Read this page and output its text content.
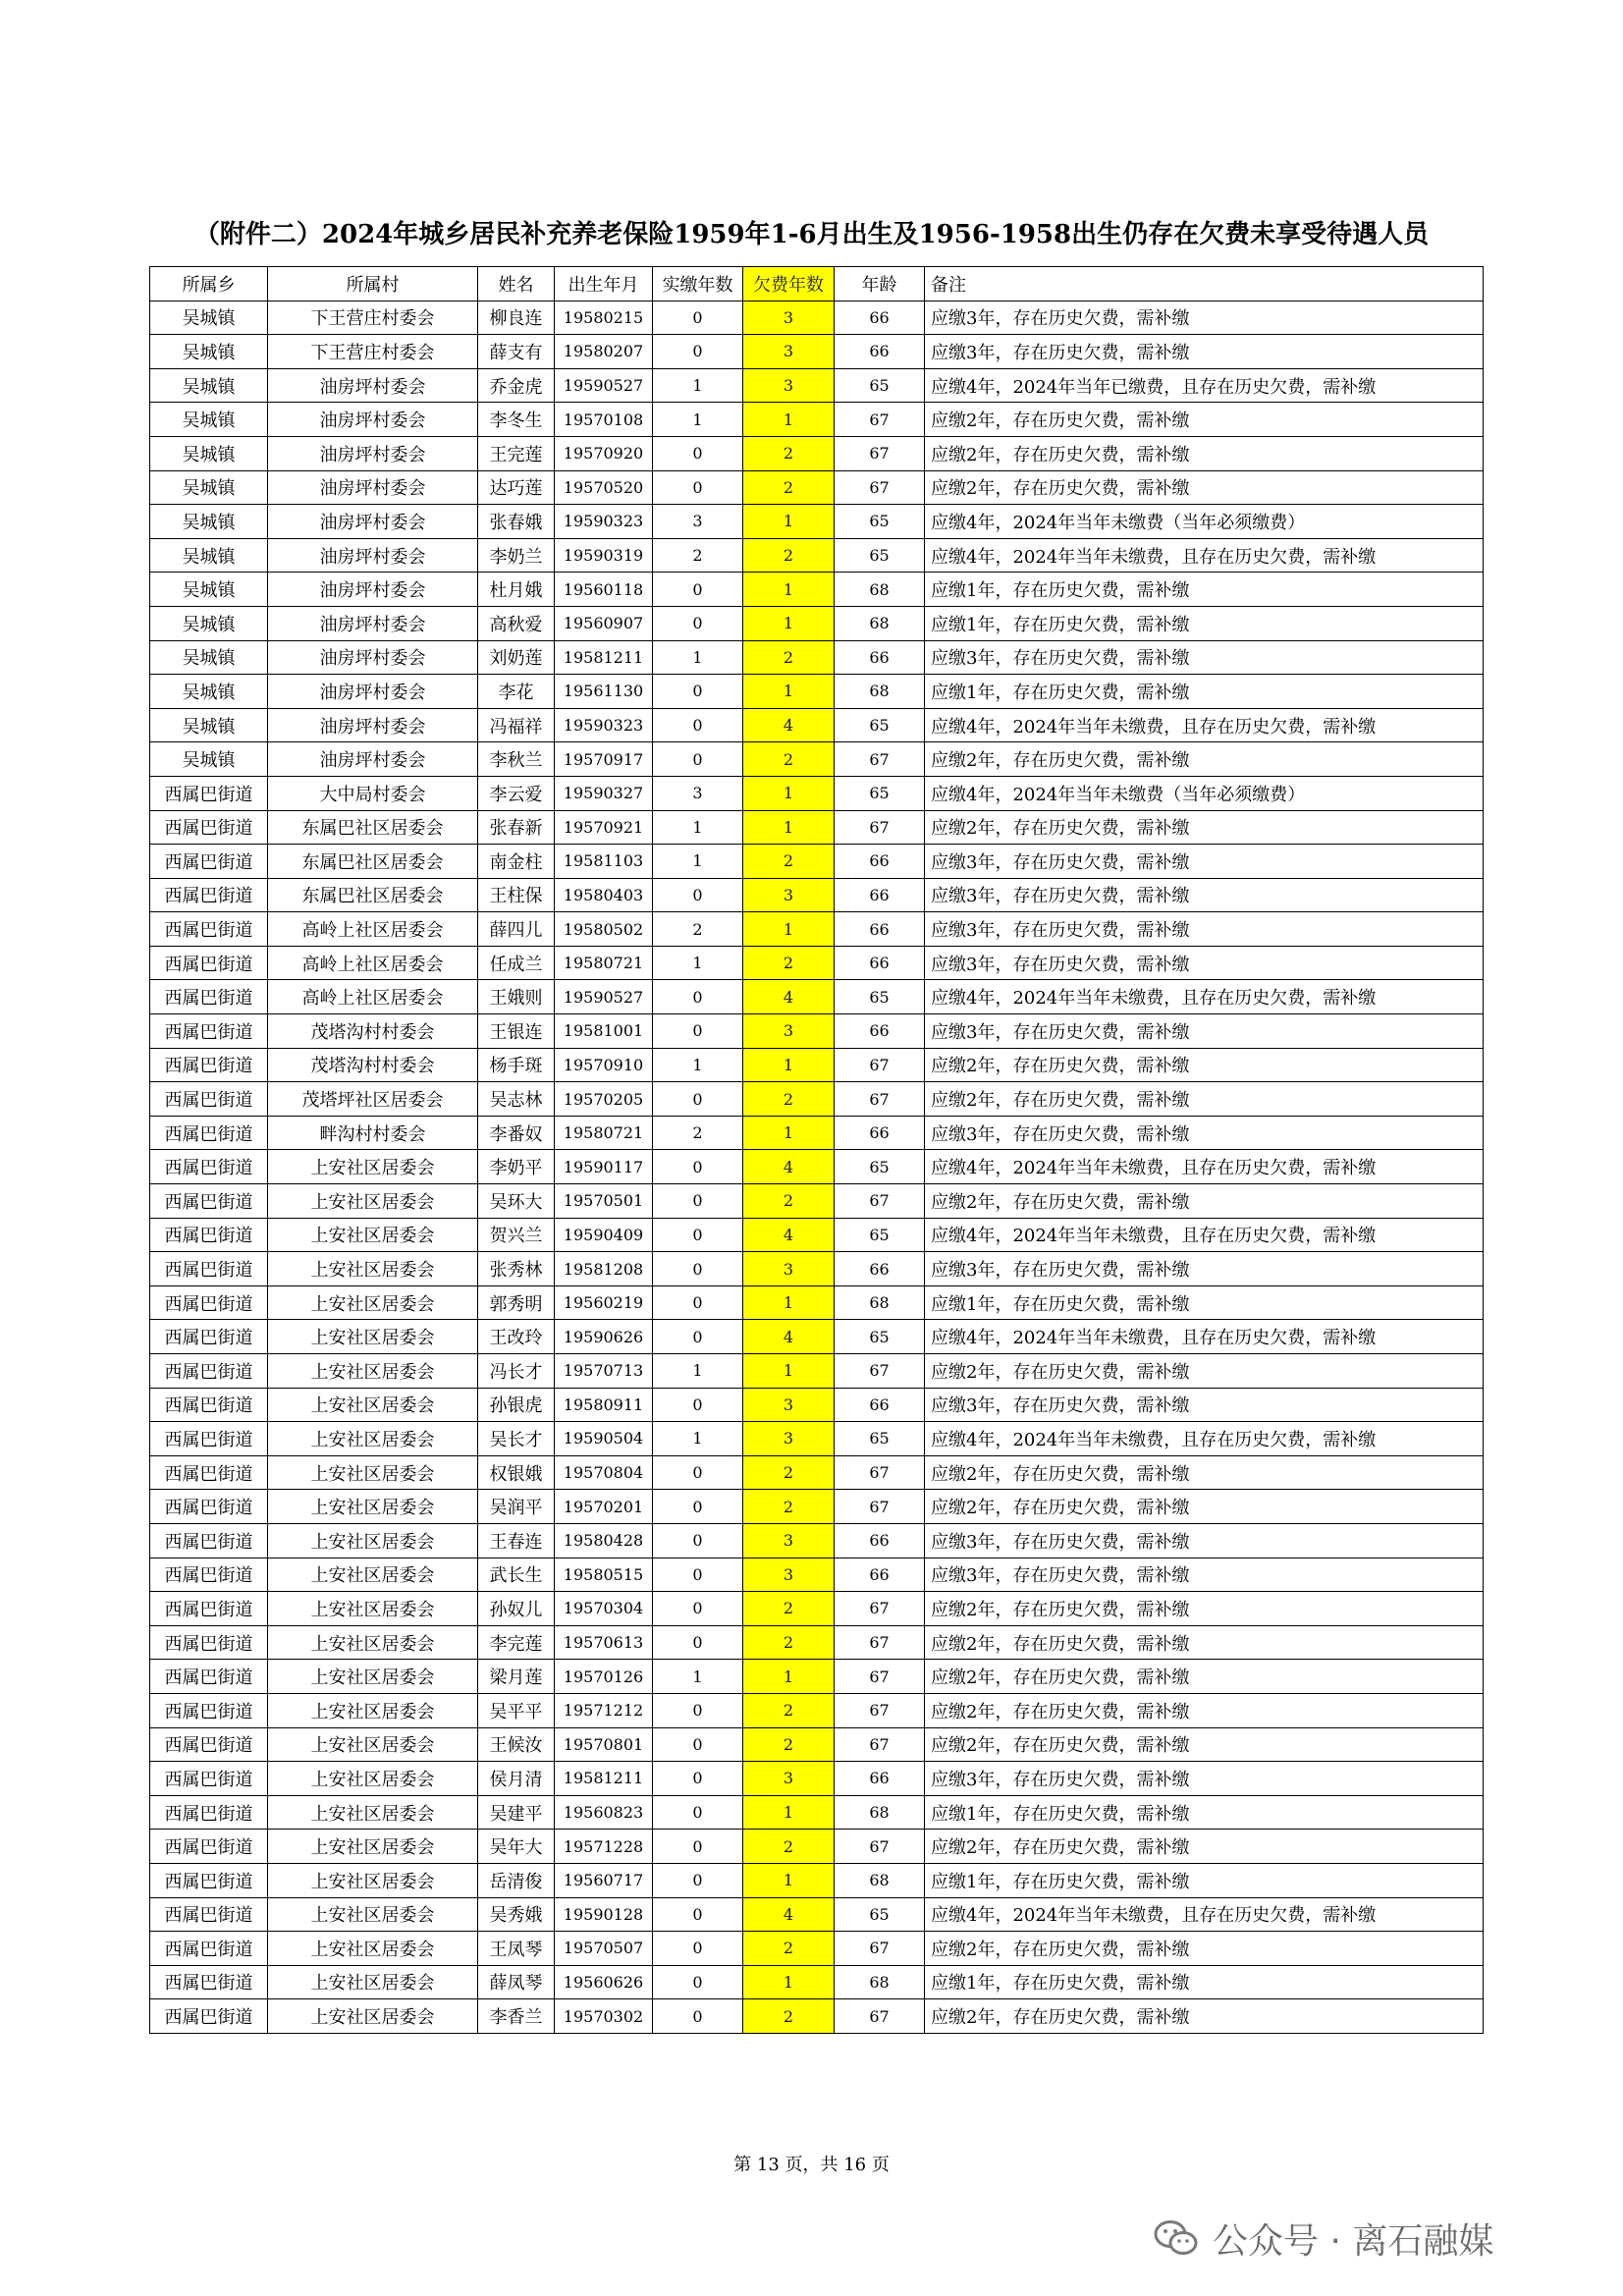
（附件二）2024年城乡居民补充养老保险1959年1-6月出生及1956-1958出生仍存在欠费未享受待遇人员
所属乡	所属村	姓名	出生年月	实缴年数	欠费年数	年龄	备注
吴城镇	下王营庄村委会	柳良连	19580215	0	3	66	应缴3年，存在历史欠费，需补缴
吴城镇	下王营庄村委会	薛支有	19580207	0	3	66	应缴3年，存在历史欠费，需补缴
吴城镇	油房坪村委会	乔金虎	19590527	1	3	65	应缴4年，2024年当年已缴费，且存在历史欠费，需补缴
吴城镇	油房坪村委会	李冬生	19570108	1	1	67	应缴2年，存在历史欠费，需补缴
吴城镇	油房坪村委会	王完莲	19570920	0	2	67	应缴2年，存在历史欠费，需补缴
吴城镇	油房坪村委会	达巧莲	19570520	0	2	67	应缴2年，存在历史欠费，需补缴
吴城镇	油房坪村委会	张春娥	19590323	3	1	65	应缴4年，2024年当年未缴费（当年必须缴费）
吴城镇	油房坪村委会	李奶兰	19590319	2	2	65	应缴4年，2024年当年未缴费，且存在历史欠费，需补缴
吴城镇	油房坪村委会	杜月娥	19560118	0	1	68	应缴1年，存在历史欠费，需补缴
吴城镇	油房坪村委会	高秋爱	19560907	0	1	68	应缴1年，存在历史欠费，需补缴
吴城镇	油房坪村委会	刘奶莲	19581211	1	2	66	应缴3年，存在历史欠费，需补缴
吴城镇	油房坪村委会	李花	19561130	0	1	68	应缴1年，存在历史欠费，需补缴
吴城镇	油房坪村委会	冯福祥	19590323	0	4	65	应缴4年，2024年当年未缴费，且存在历史欠费，需补缴
吴城镇	油房坪村委会	李秋兰	19570917	0	2	67	应缴2年，存在历史欠费，需补缴
西属巴街道	大中局村委会	李云爱	19590327	3	1	65	应缴4年，2024年当年未缴费（当年必须缴费）
西属巴街道	东属巴社区居委会	张春新	19570921	1	1	67	应缴2年，存在历史欠费，需补缴
西属巴街道	东属巴社区居委会	南金柱	19581103	1	2	66	应缴3年，存在历史欠费，需补缴
西属巴街道	东属巴社区居委会	王柱保	19580403	0	3	66	应缴3年，存在历史欠费，需补缴
西属巴街道	高岭上社区居委会	薛四儿	19580502	2	1	66	应缴3年，存在历史欠费，需补缴
西属巴街道	高岭上社区居委会	任成兰	19580721	1	2	66	应缴3年，存在历史欠费，需补缴
西属巴街道	高岭上社区居委会	王娥则	19590527	0	4	65	应缴4年，2024年当年未缴费，且存在历史欠费，需补缴
西属巴街道	茂塔沟村村委会	王银连	19581001	0	3	66	应缴3年，存在历史欠费，需补缴
西属巴街道	茂塔沟村村委会	杨手斑	19570910	1	1	67	应缴2年，存在历史欠费，需补缴
西属巴街道	茂塔坪社区居委会	吴志林	19570205	0	2	67	应缴2年，存在历史欠费，需补缴
西属巴街道	畔沟村村委会	李番奴	19580721	2	1	66	应缴3年，存在历史欠费，需补缴
西属巴街道	上安社区居委会	李奶平	19590117	0	4	65	应缴4年，2024年当年未缴费，且存在历史欠费，需补缴
西属巴街道	上安社区居委会	吴环大	19570501	0	2	67	应缴2年，存在历史欠费，需补缴
西属巴街道	上安社区居委会	贺兴兰	19590409	0	4	65	应缴4年，2024年当年未缴费，且存在历史欠费，需补缴
西属巴街道	上安社区居委会	张秀林	19581208	0	3	66	应缴3年，存在历史欠费，需补缴
西属巴街道	上安社区居委会	郭秀明	19560219	0	1	68	应缴1年，存在历史欠费，需补缴
西属巴街道	上安社区居委会	王改玲	19590626	0	4	65	应缴4年，2024年当年未缴费，且存在历史欠费，需补缴
西属巴街道	上安社区居委会	冯长才	19570713	1	1	67	应缴2年，存在历史欠费，需补缴
西属巴街道	上安社区居委会	孙银虎	19580911	0	3	66	应缴3年，存在历史欠费，需补缴
西属巴街道	上安社区居委会	吴长才	19590504	1	3	65	应缴4年，2024年当年未缴费，且存在历史欠费，需补缴
西属巴街道	上安社区居委会	权银娥	19570804	0	2	67	应缴2年，存在历史欠费，需补缴
西属巴街道	上安社区居委会	吴润平	19570201	0	2	67	应缴2年，存在历史欠费，需补缴
西属巴街道	上安社区居委会	王春连	19580428	0	3	66	应缴3年，存在历史欠费，需补缴
西属巴街道	上安社区居委会	武长生	19580515	0	3	66	应缴3年，存在历史欠费，需补缴
西属巴街道	上安社区居委会	孙奴儿	19570304	0	2	67	应缴2年，存在历史欠费，需补缴
西属巴街道	上安社区居委会	李完莲	19570613	0	2	67	应缴2年，存在历史欠费，需补缴
西属巴街道	上安社区居委会	梁月莲	19570126	1	1	67	应缴2年，存在历史欠费，需补缴
西属巴街道	上安社区居委会	吴平平	19571212	0	2	67	应缴2年，存在历史欠费，需补缴
西属巴街道	上安社区居委会	王候汝	19570801	0	2	67	应缴2年，存在历史欠费，需补缴
西属巴街道	上安社区居委会	侯月清	19581211	0	3	66	应缴3年，存在历史欠费，需补缴
西属巴街道	上安社区居委会	吴建平	19560823	0	1	68	应缴1年，存在历史欠费，需补缴
西属巴街道	上安社区居委会	吴年大	19571228	0	2	67	应缴2年，存在历史欠费，需补缴
西属巴街道	上安社区居委会	岳清俊	19560717	0	1	68	应缴1年，存在历史欠费，需补缴
西属巴街道	上安社区居委会	吴秀娥	19590128	0	4	65	应缴4年，2024年当年未缴费，且存在历史欠费，需补缴
西属巴街道	上安社区居委会	王凤琴	19570507	0	2	67	应缴2年，存在历史欠费，需补缴
西属巴街道	上安社区居委会	薛凤琴	19560626	0	1	68	应缴1年，存在历史欠费，需补缴
西属巴街道	上安社区居委会	李香兰	19570302	0	2	67	应缴2年，存在历史欠费，需补缴
第 13 页，共 16 页
公众号 · 离石融媒
